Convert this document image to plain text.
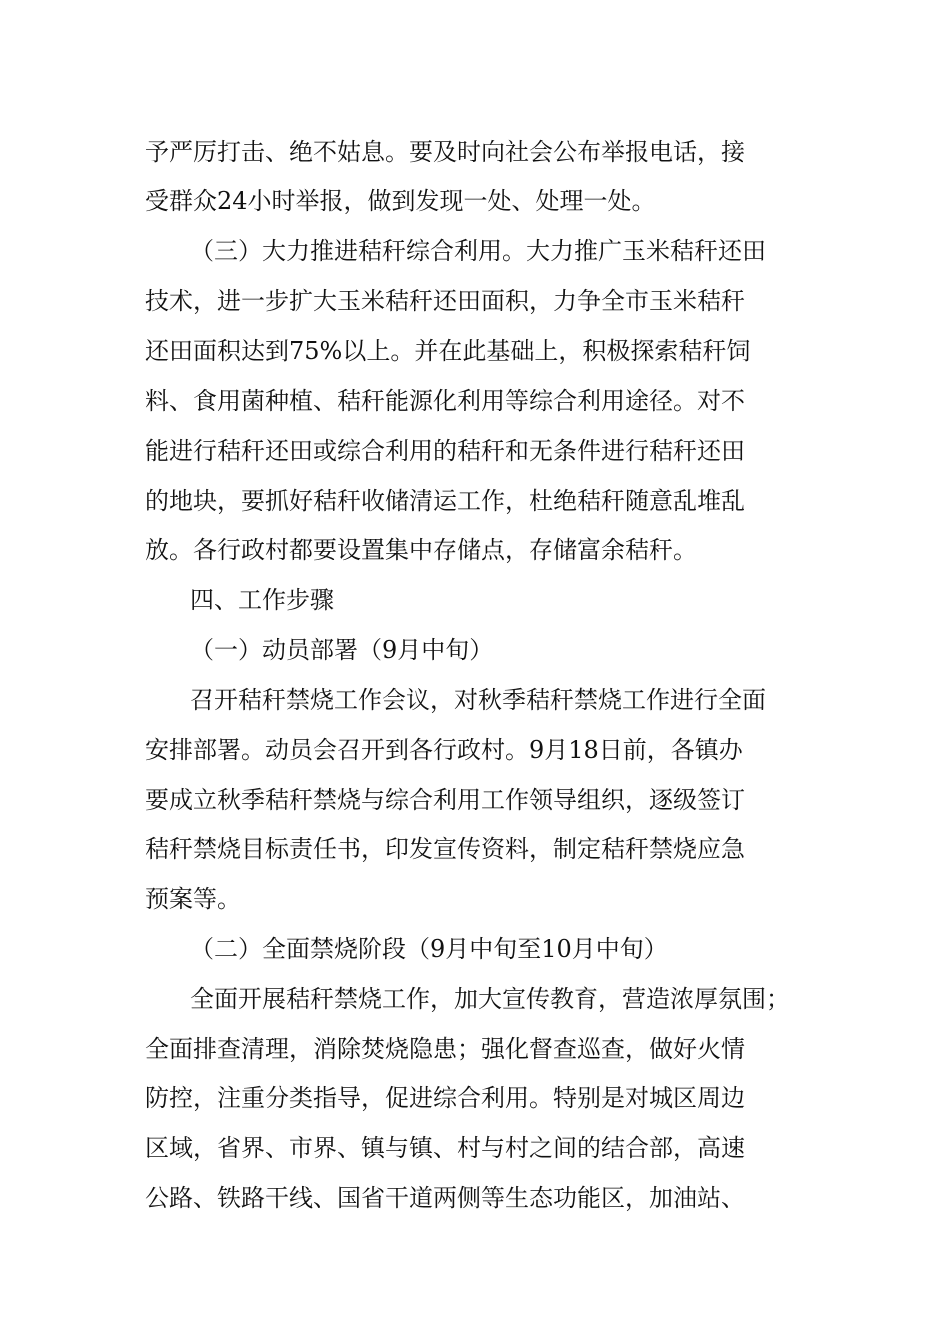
予严厉打击、绝不姑息。要及时向社会公布举报电话，接
受群众24小时举报，做到发现一处、处理一处。
（三）大力推进秸秆综合利用。大力推广玉米秸秆还田
技术，进一步扩大玉米秸秆还田面积，力争全市玉米秸秆
还田面积达到75%以上。并在此基础上，积极探索秸秆饲
料、食用菌种植、秸秆能源化利用等综合利用途径。对不
能进行秸秆还田或综合利用的秸秆和无条件进行秸秆还田
的地块，要抓好秸秆收储清运工作，杜绝秸秆随意乱堆乱
放。各行政村都要设置集中存储点，存储富余秸秆。
四、工作步骤
（一）动员部署（9月中旬）
召开秸秆禁烧工作会议，对秋季秸秆禁烧工作进行全面
安排部署。动员会召开到各行政村。9月18日前，各镇办
要成立秋季秸秆禁烧与综合利用工作领导组织，逐级签订
秸秆禁烧目标责任书，印发宣传资料，制定秸秆禁烧应急
预案等。
（二）全面禁烧阶段（9月中旬至10月中旬）
全面开展秸秆禁烧工作，加大宣传教育，营造浓厚氛围；
全面排查清理，消除焚烧隐患；强化督查巡查，做好火情
防控，注重分类指导，促进综合利用。特别是对城区周边
区域，省界、市界、镇与镇、村与村之间的结合部，高速
公路、铁路干线、国省干道两侧等生态功能区，加油站、
